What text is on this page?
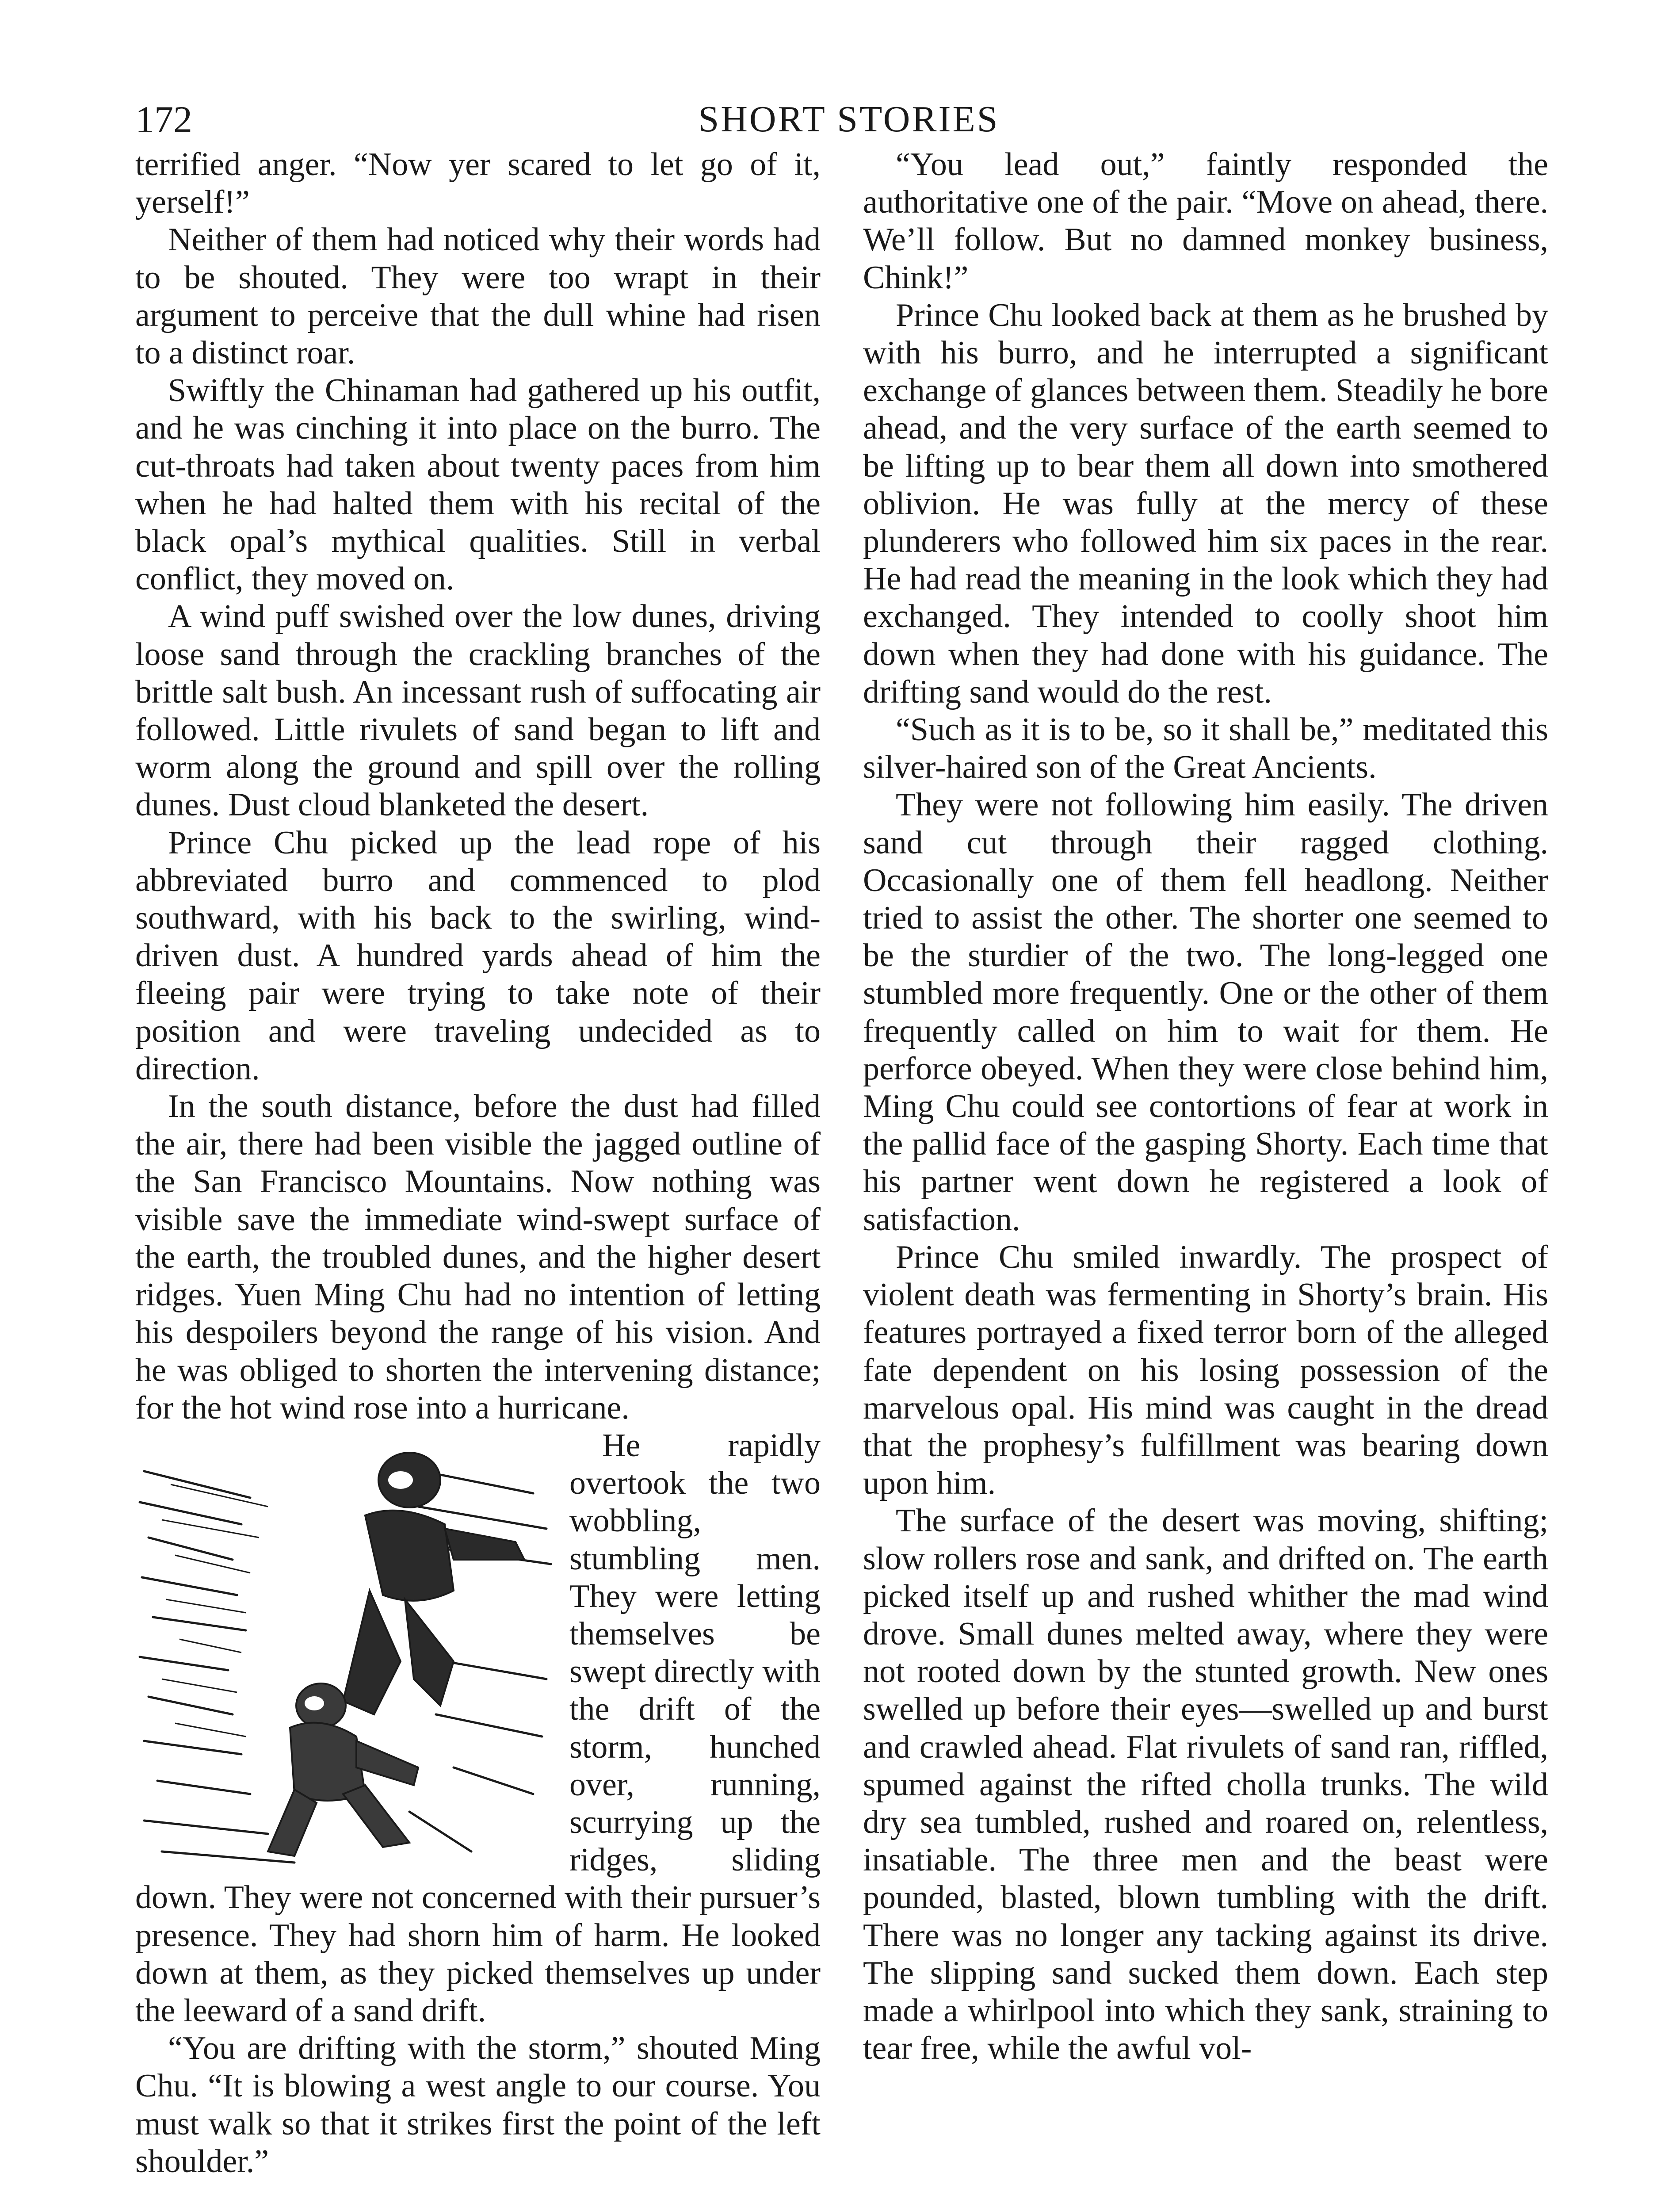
172	SHORT STORIES

terrified anger. “Now yer scared to let go of it, yerself!”

Neither of them had noticed why their words had to be shouted. They were too wrapt in their argument to perceive that the dull whine had risen to a distinct roar.

Swiftly the Chinaman had gathered up his outfit, and he was cinching it into place on the burro. The cut-throats had taken about twenty paces from him when he had halted them with his recital of the black opal’s mythical qualities. Still in verbal conflict, they moved on.

A wind puff swished over the low dunes, driving loose sand through the crackling branches of the brittle salt bush. An incessant rush of suffocating air followed. Little rivulets of sand began to lift and worm along the ground and spill over the rolling dunes. Dust cloud blanketed the desert.

Prince Chu picked up the lead rope of his abbreviated burro and commenced to plod southward, with his back to the swirling, wind-driven dust. A hundred yards ahead of him the fleeing pair were trying to take note of their position and were traveling undecided as to direction.

In the south distance, before the dust had filled the air, there had been visible the jagged outline of the San Francisco Mountains. Now nothing was visible save the immediate wind-swept surface of the earth, the troubled dunes, and the higher desert ridges. Yuen Ming Chu had no intention of letting his despoilers beyond the range of his vision. And he was obliged to shorten the intervening distance; for the hot wind rose into a hurricane.

He rapidly overtook the two wobbling, stumbling men. They were letting themselves be swept directly with the drift of the storm, hunched over, running, scurrying up the ridges, sliding down. They were not concerned with their pursuer’s presence. They had shorn him of harm. He looked down at them, as they picked themselves up under the leeward of a sand drift.

“You are drifting with the storm,” shouted Ming Chu. “It is blowing a west angle to our course. You must walk so that it strikes first the point of the left shoulder.”

“You lead out,” faintly responded the authoritative one of the pair. “Move on ahead, there. We’ll follow. But no damned monkey business, Chink!”

Prince Chu looked back at them as he brushed by with his burro, and he interrupted a significant exchange of glances between them. Steadily he bore ahead, and the very surface of the earth seemed to be lifting up to bear them all down into smothered oblivion. He was fully at the mercy of these plunderers who followed him six paces in the rear. He had read the meaning in the look which they had exchanged. They intended to coolly shoot him down when they had done with his guidance. The drifting sand would do the rest.

“Such as it is to be, so it shall be,” meditated this silver-haired son of the Great Ancients.

They were not following him easily. The driven sand cut through their ragged clothing. Occasionally one of them fell headlong. Neither tried to assist the other. The shorter one seemed to be the sturdier of the two. The long-legged one stumbled more frequently. One or the other of them frequently called on him to wait for them. He perforce obeyed. When they were close behind him, Ming Chu could see contortions of fear at work in the pallid face of the gasping Shorty. Each time that his partner went down he registered a look of satisfaction.

Prince Chu smiled inwardly. The prospect of violent death was fermenting in Shorty’s brain. His features portrayed a fixed terror born of the alleged fate dependent on his losing possession of the marvelous opal. His mind was caught in the dread that the prophesy’s fulfillment was bearing down upon him.

The surface of the desert was moving, shifting; slow rollers rose and sank, and drifted on. The earth picked itself up and rushed whither the mad wind drove. Small dunes melted away, where they were not rooted down by the stunted growth. New ones swelled up before their eyes—swelled up and burst and crawled ahead. Flat rivulets of sand ran, riffled, spumed against the rifted cholla trunks. The wild dry sea tumbled, rushed and roared on, relentless, insatiable. The three men and the beast were pounded, blasted, blown tumbling with the drift. There was no longer any tacking against its drive. The slipping sand sucked them down. Each step made a whirlpool into which they sank, straining to tear free, while the awful vol-
